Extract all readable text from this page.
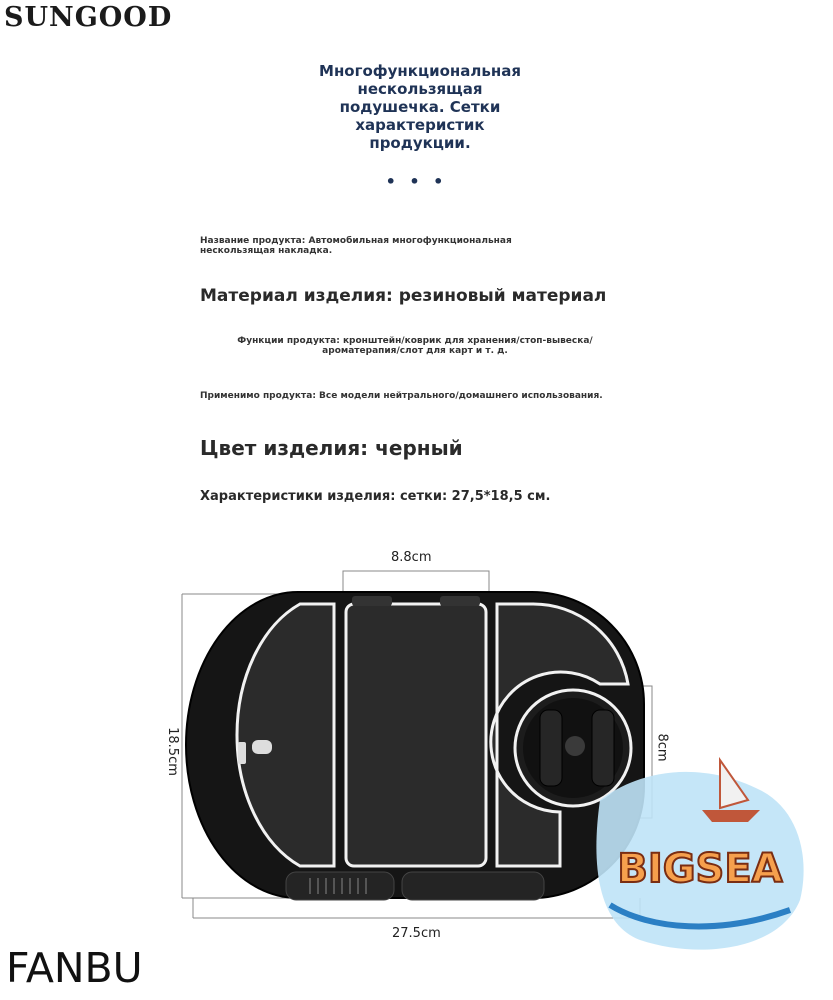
SUNGOOD
Многофункциональная
нескользящая
подушечка. Сетки
характеристик
продукции.
• • •
Название продукта: Автомобильная многофункциональная нескользящая накладка.
Материал изделия: резиновый материал
Функции продукта: кронштейн/коврик для хранения/стоп-вывеска/ароматерапия/слот для карт и т. д.
Применимо продукта: Все модели нейтрального/домашнего использования.
Цвет изделия: черный
Характеристики изделия: сетки: 27,5*18,5 см.
BIGSEA
8.8cm
18.5cm	8cm
27.5cm
FANBU
